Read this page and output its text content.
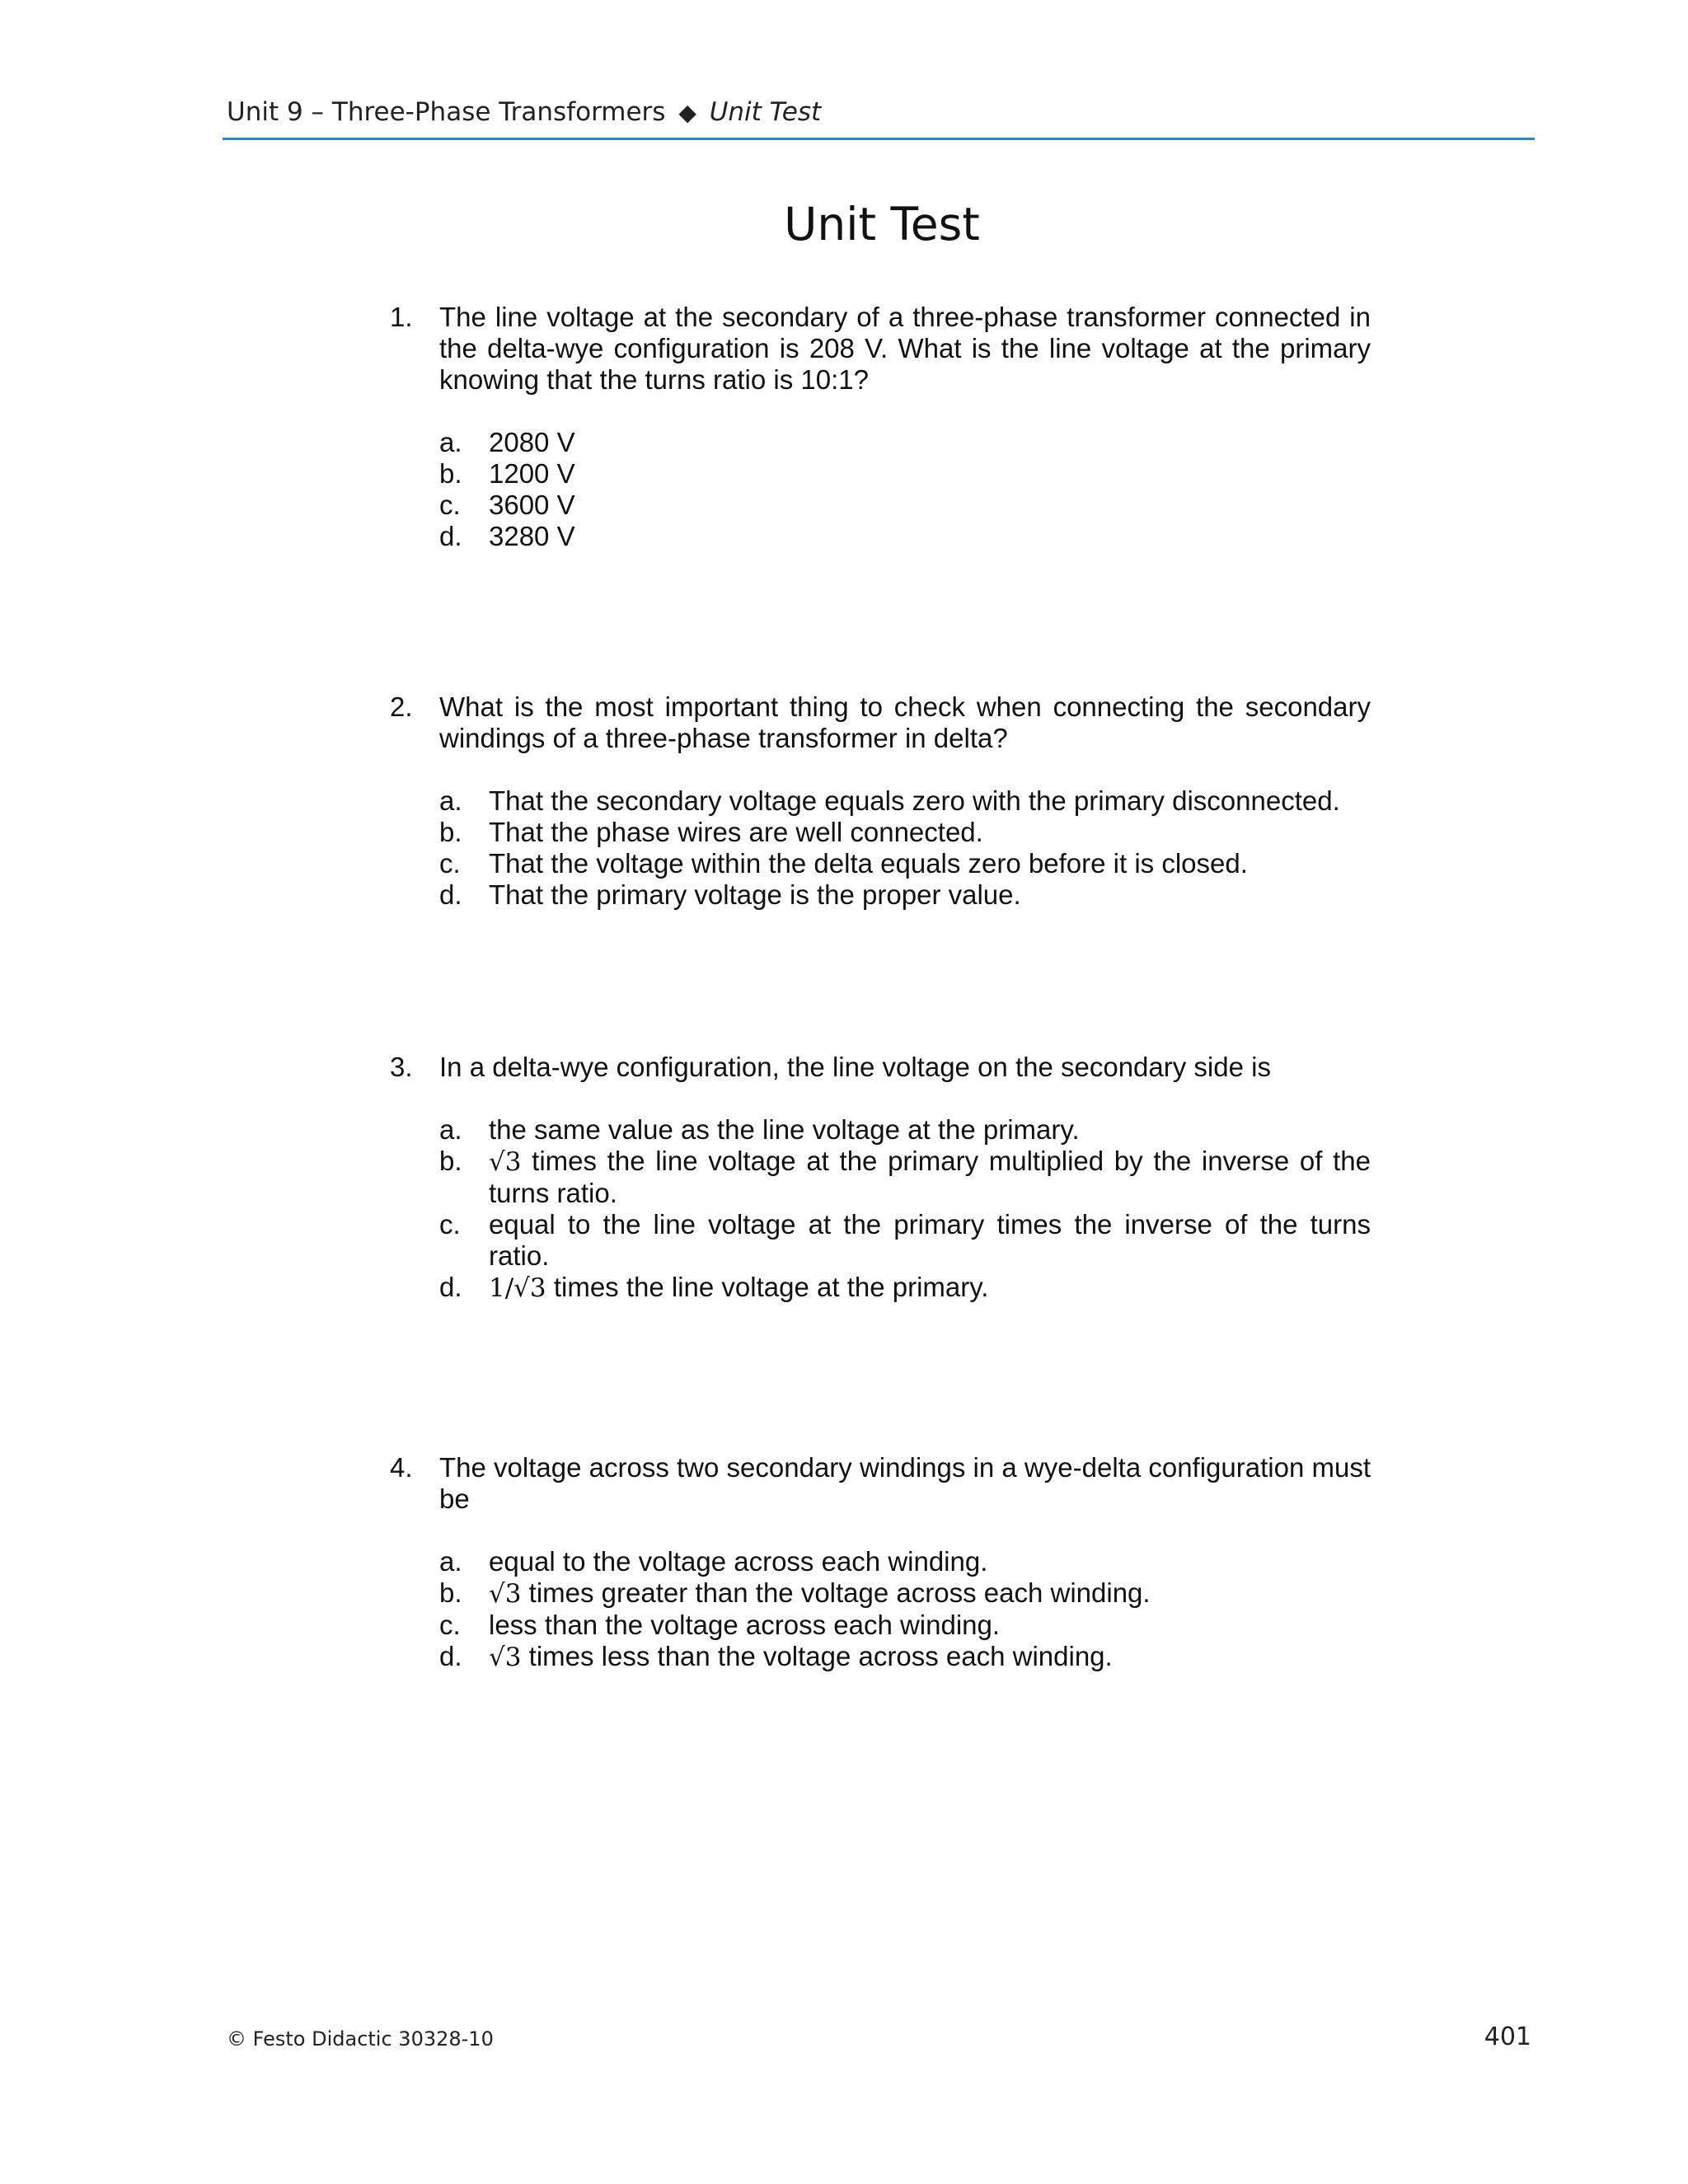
Unit 9 – Three-Phase Transformers ◆ Unit Test
Unit Test
1. The line voltage at the secondary of a three-phase transformer connected in the delta-wye configuration is 208 V. What is the line voltage at the primary knowing that the turns ratio is 10:1?
a. 2080 V
b. 1200 V
c. 3600 V
d. 3280 V
2. What is the most important thing to check when connecting the secondary windings of a three-phase transformer in delta?
a. That the secondary voltage equals zero with the primary disconnected.
b. That the phase wires are well connected.
c. That the voltage within the delta equals zero before it is closed.
d. That the primary voltage is the proper value.
3. In a delta-wye configuration, the line voltage on the secondary side is
a. the same value as the line voltage at the primary.
b. √3 times the line voltage at the primary multiplied by the inverse of the turns ratio.
c. equal to the line voltage at the primary times the inverse of the turns ratio.
d. 1/√3 times the line voltage at the primary.
4. The voltage across two secondary windings in a wye-delta configuration must be
a. equal to the voltage across each winding.
b. √3 times greater than the voltage across each winding.
c. less than the voltage across each winding.
d. √3 times less than the voltage across each winding.
© Festo Didactic 30328-10	401
